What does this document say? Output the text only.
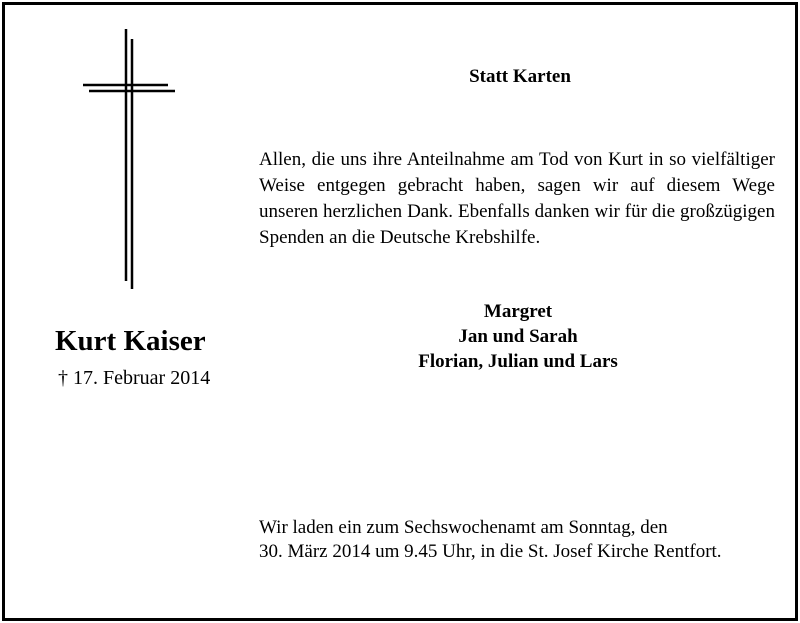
Kurt Kaiser
† 17. Februar 2014
Statt Karten
Allen, die uns ihre Anteilnahme am Tod von Kurt in so vielfältiger Weise entgegen gebracht haben, sagen wir auf diesem Wege unseren herzlichen Dank. Ebenfalls danken wir für die großzügigen Spenden an die Deutsche Krebshilfe.
Margret
Jan und Sarah
Florian, Julian und Lars
Wir laden ein zum Sechswochenamt am Sonntag, den
30. März 2014 um 9.45 Uhr, in die St. Josef Kirche Rentfort.
